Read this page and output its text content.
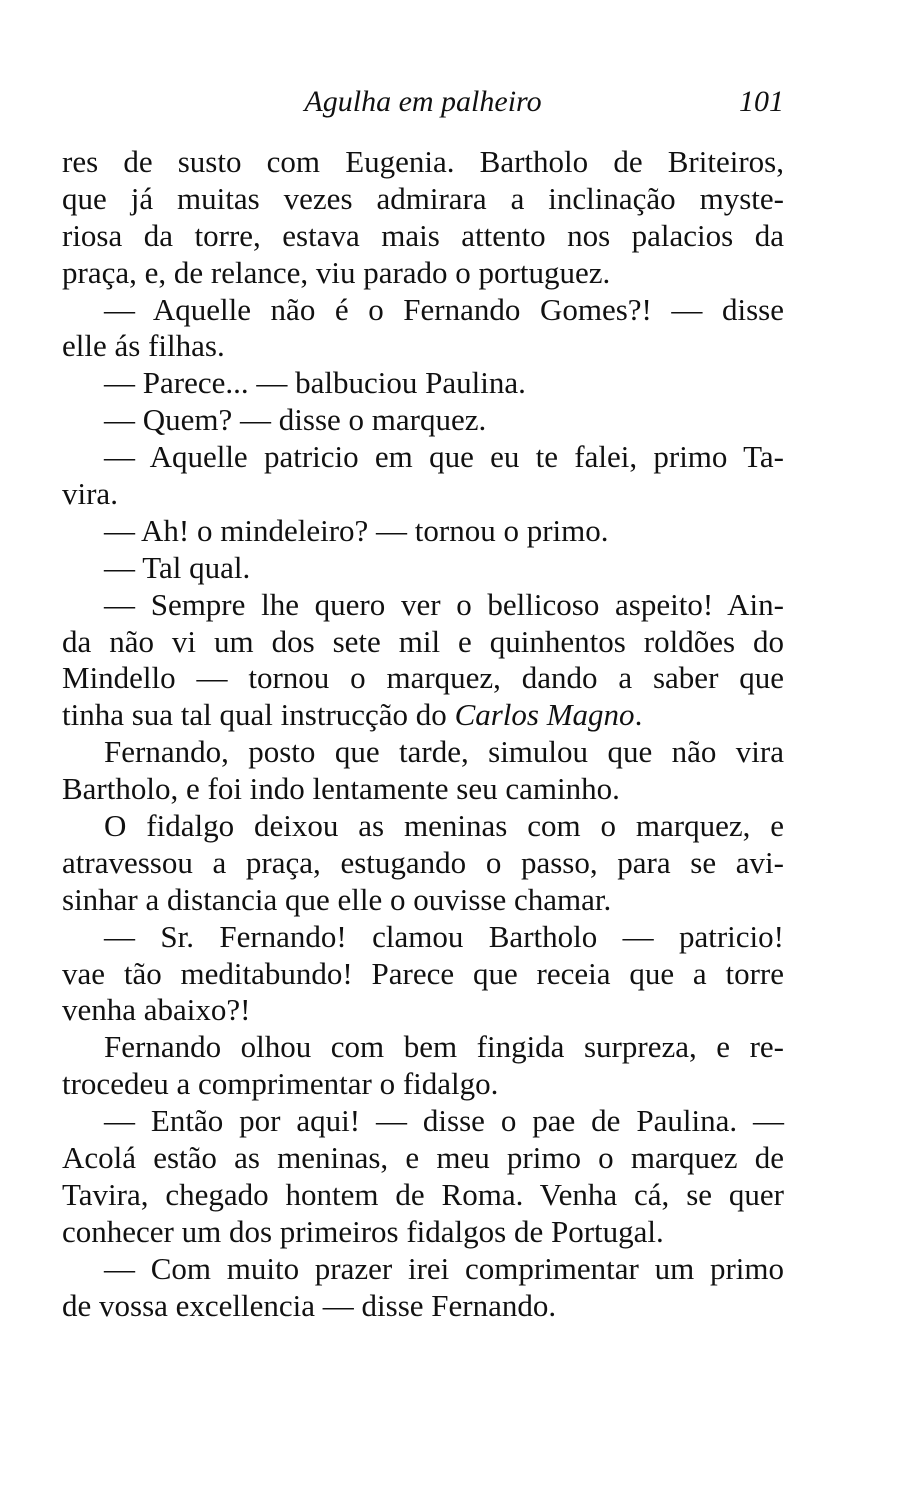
Agulha em palheiro	101
res de susto com Eugenia. Bartholo de Briteiros,
que já muitas vezes admirara a inclinação myste-
riosa da torre, estava mais attento nos palacios da
praça, e, de relance, viu parado o portuguez.
— Aquelle não é o Fernando Gomes?! — disse
elle ás filhas.
— Parece... — balbuciou Paulina.
— Quem? — disse o marquez.
— Aquelle patricio em que eu te falei, primo Ta-
vira.
— Ah! o mindeleiro? — tornou o primo.
— Tal qual.
— Sempre lhe quero ver o bellicoso aspeito! Ain-
da não vi um dos sete mil e quinhentos roldões do
Mindello — tornou o marquez, dando a saber que
tinha sua tal qual instrucção do Carlos Magno.
Fernando, posto que tarde, simulou que não vira
Bartholo, e foi indo lentamente seu caminho.
O fidalgo deixou as meninas com o marquez, e
atravessou a praça, estugando o passo, para se avi-
sinhar a distancia que elle o ouvisse chamar.
— Sr. Fernando! clamou Bartholo — patricio!
vae tão meditabundo! Parece que receia que a torre
venha abaixo?!
Fernando olhou com bem fingida surpreza, e re-
trocedeu a comprimentar o fidalgo.
— Então por aqui! — disse o pae de Paulina. —
Acolá estão as meninas, e meu primo o marquez de
Tavira, chegado hontem de Roma. Venha cá, se quer
conhecer um dos primeiros fidalgos de Portugal.
— Com muito prazer irei comprimentar um primo
de vossa excellencia — disse Fernando.
